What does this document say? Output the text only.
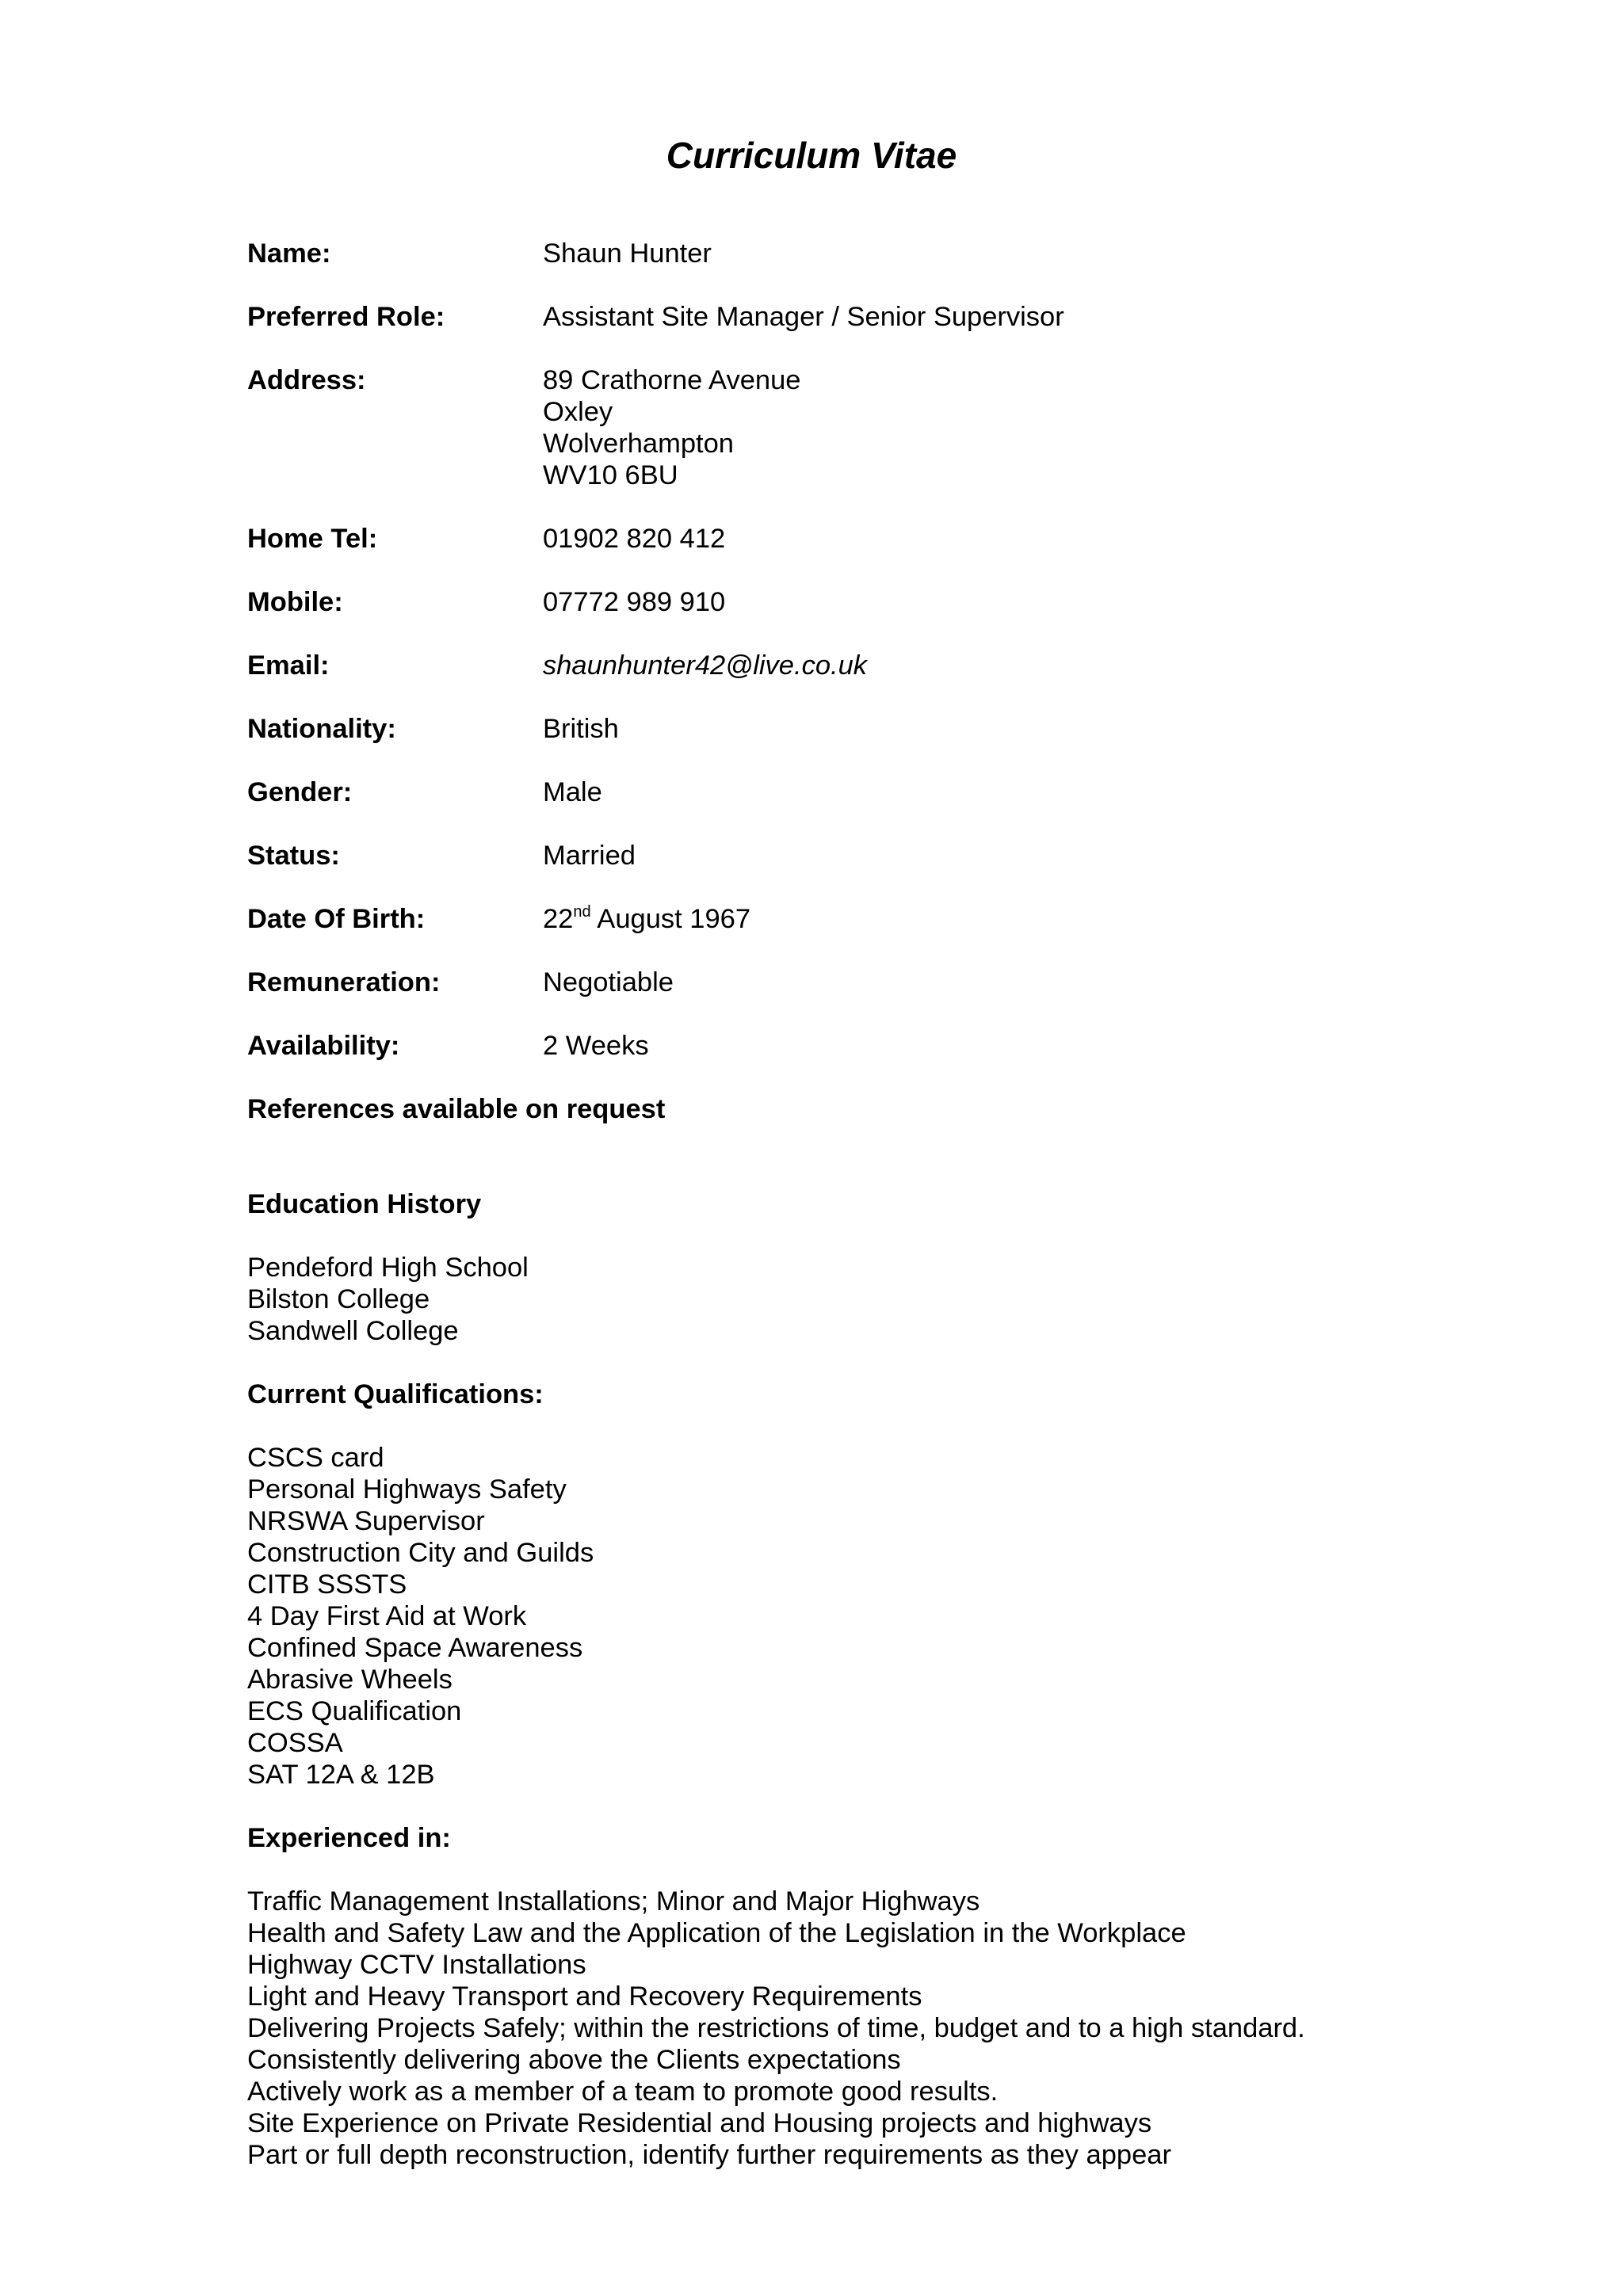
Curriculum Vitae
Name:	Shaun Hunter
Preferred Role:	Assistant Site Manager / Senior Supervisor
Address:	89 Crathorne Avenue
Oxley
Wolverhampton
WV10 6BU
Home Tel:	01902 820 412
Mobile:	07772 989 910
Email:	shaunhunter42@live.co.uk
Nationality:	British
Gender:	Male
Status:	Married
Date Of Birth:	22nd August 1967
Remuneration:	Negotiable
Availability:	2 Weeks
References available on request
Education History
Pendeford High School
Bilston College
Sandwell College
Current Qualifications:
CSCS card
Personal Highways Safety
NRSWA Supervisor
Construction City and Guilds
CITB SSSTS
4 Day First Aid at Work
Confined Space Awareness
Abrasive Wheels
ECS Qualification
COSSA
SAT 12A & 12B
Experienced in:
Traffic Management Installations; Minor and Major Highways
Health and Safety Law and the Application of the Legislation in the Workplace
Highway CCTV Installations
Light and Heavy Transport and Recovery Requirements
Delivering Projects Safely; within the restrictions of time, budget and to a high standard.
Consistently delivering above the Clients expectations
Actively work as a member of a team to promote good results.
Site Experience on Private Residential and Housing projects and highways
Part or full depth reconstruction, identify further requirements as they appear
